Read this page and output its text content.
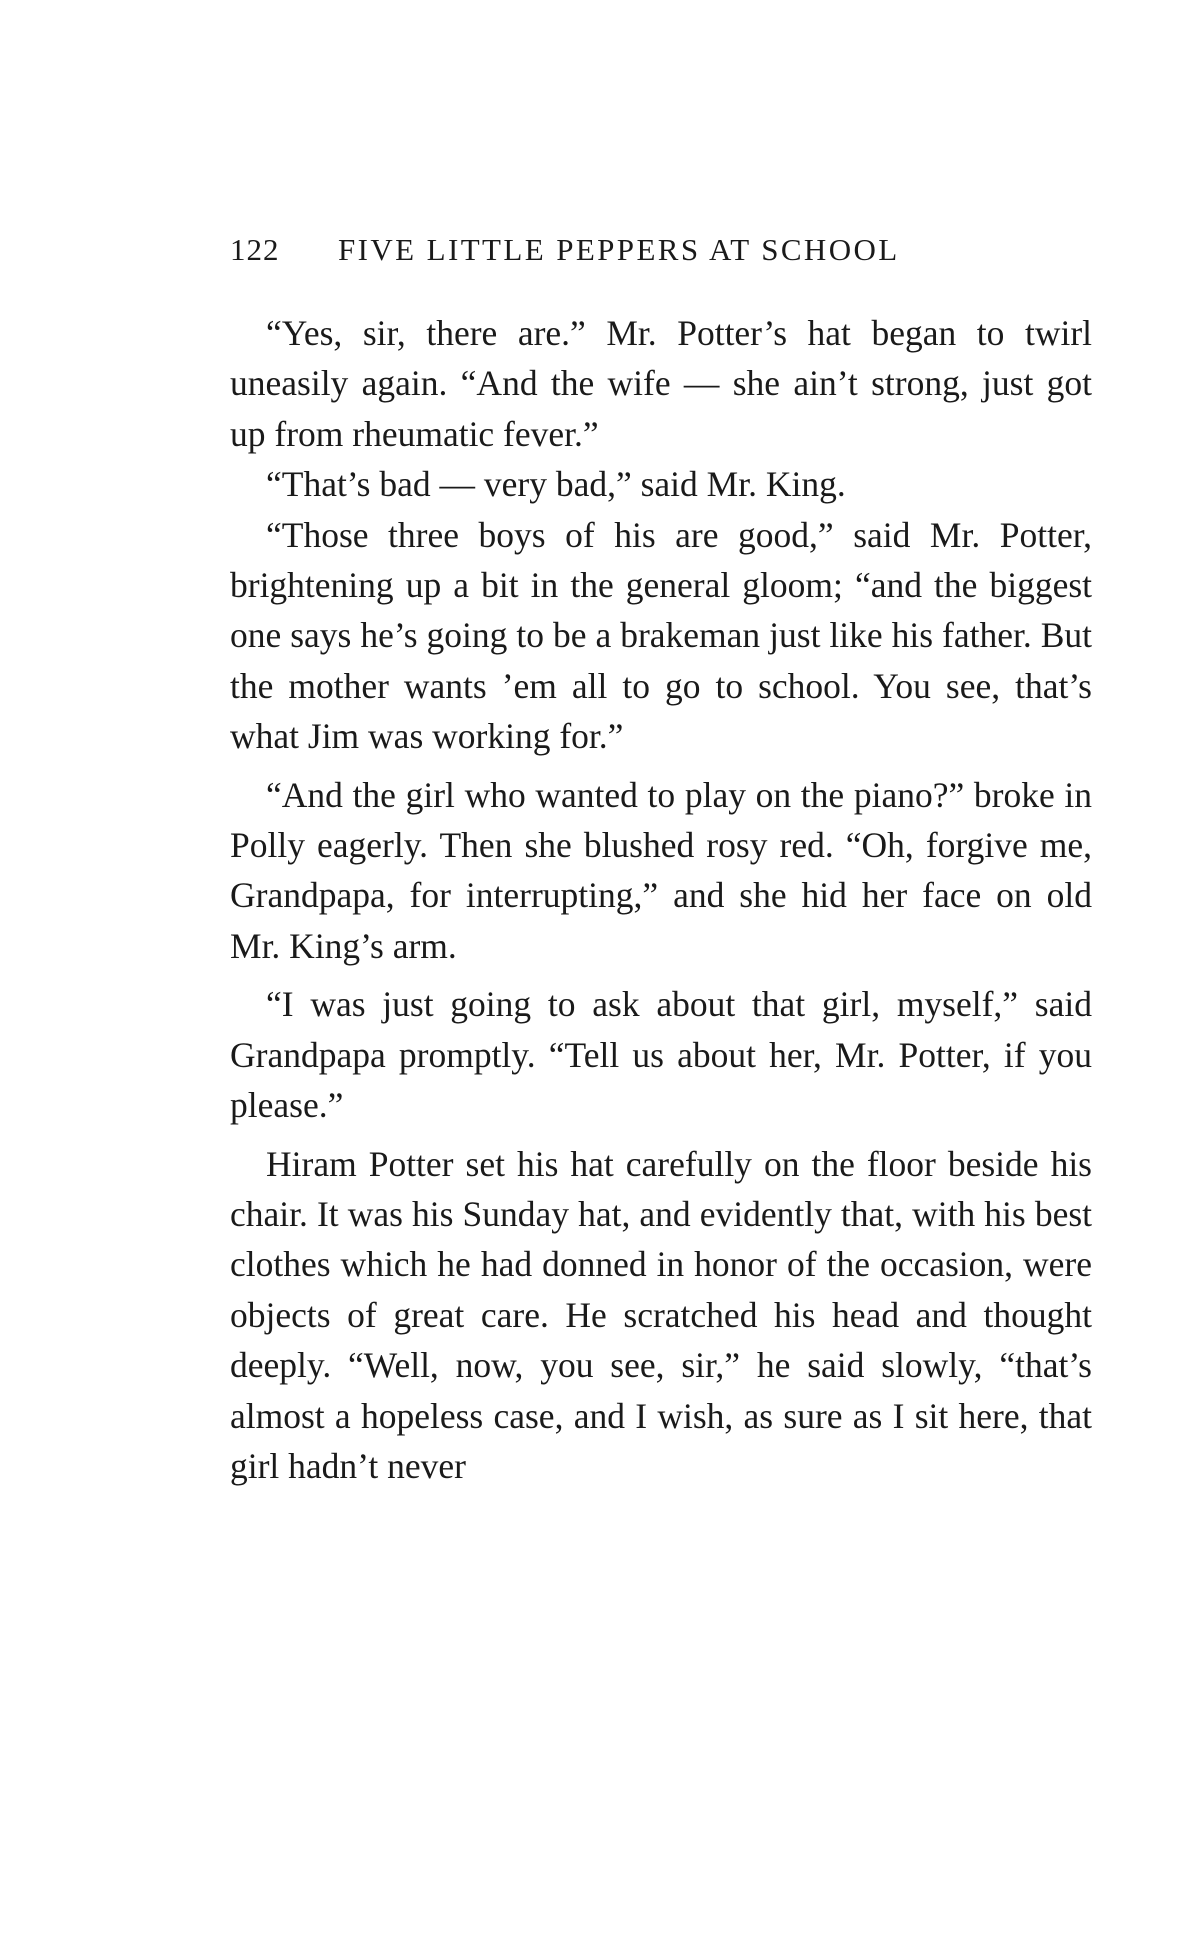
122 FIVE LITTLE PEPPERS AT SCHOOL

“Yes, sir, there are.” Mr. Potter’s hat began to twirl uneasily again. “And the wife — she ain’t strong, just got up from rheumatic fever.”

“That’s bad — very bad,” said Mr. King.

“Those three boys of his are good,” said Mr. Potter, brightening up a bit in the general gloom; “and the biggest one says he’s going to be a brakeman just like his father. But the mother wants ’em all to go to school. You see, that’s what Jim was working for.”

“And the girl who wanted to play on the piano?” broke in Polly eagerly. Then she blushed rosy red. “Oh, forgive me, Grandpapa, for interrupting,” and she hid her face on old Mr. King’s arm.

“I was just going to ask about that girl, myself,” said Grandpapa promptly. “Tell us about her, Mr. Potter, if you please.”

Hiram Potter set his hat carefully on the floor beside his chair. It was his Sunday hat, and evidently that, with his best clothes which he had donned in honor of the occasion, were objects of great care. He scratched his head and thought deeply. “Well, now, you see, sir,” he said slowly, “that’s almost a hopeless case, and I wish, as sure as I sit here, that girl hadn’t never
